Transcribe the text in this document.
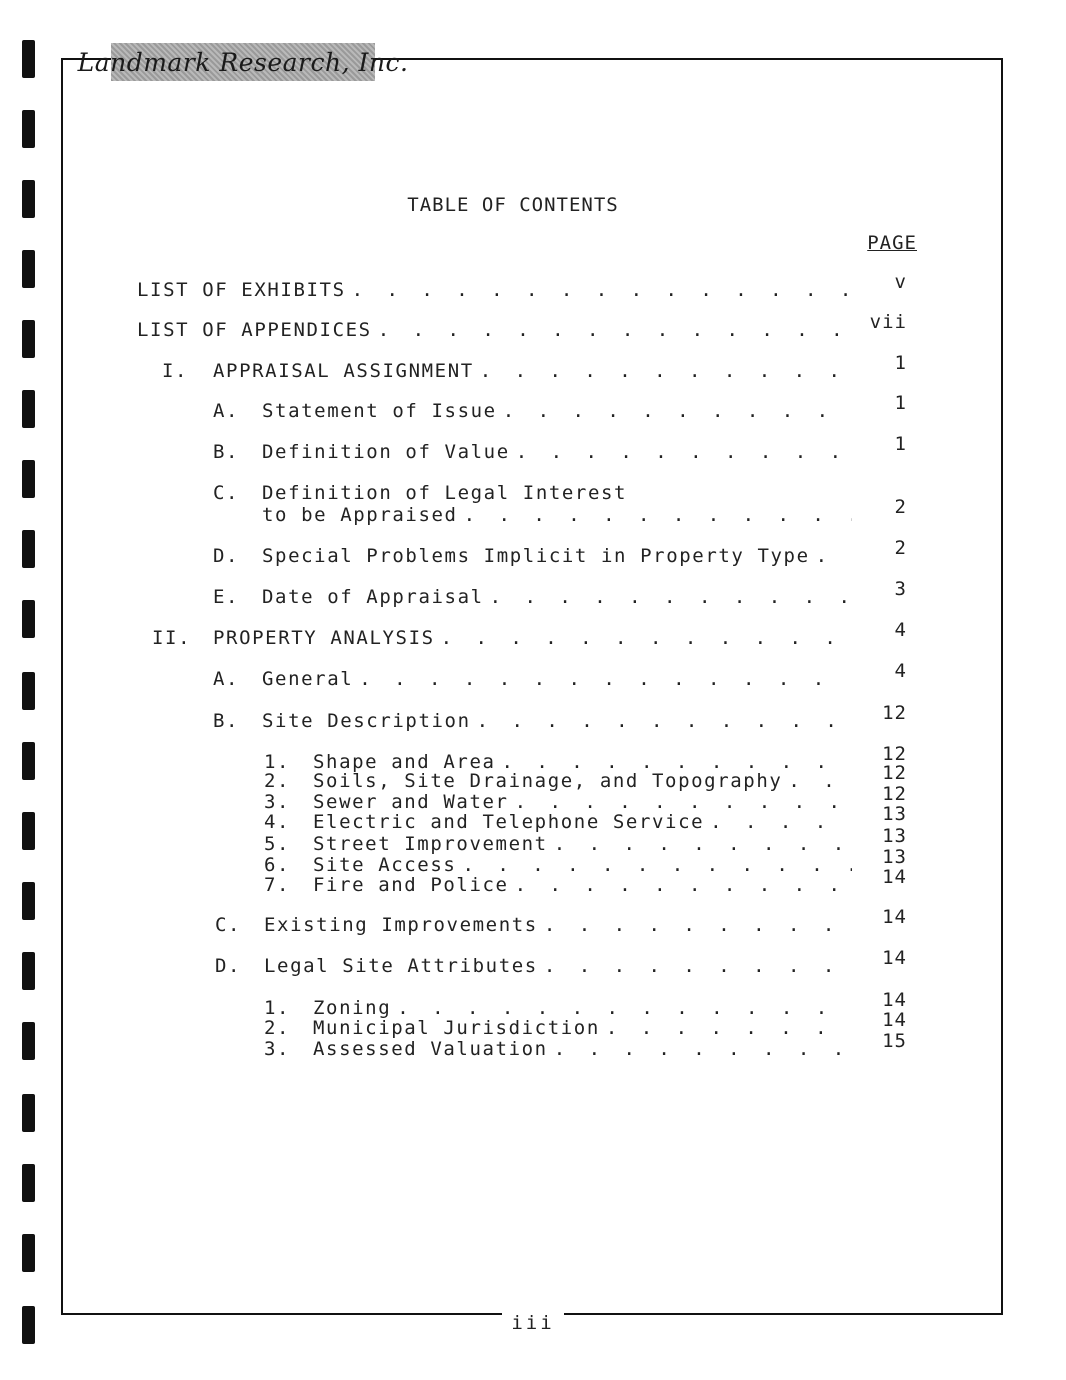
Landmark Research, Inc.
TABLE OF CONTENTS
PAGE
LIST OF EXHIBITS . . .	v
LIST OF APPENDICES . . .	vii
I.	APPRAISAL ASSIGNMENT . . .	1
A.	Statement of Issue . . .	1
B.	Definition of Value . . .	1
C.	Definition of Legal Interest
to be Appraised . . .	2
D.	Special Problems Implicit in Property Type . . .	2
E.	Date of Appraisal . . .	3
II.	PROPERTY ANALYSIS . . .	4
A.	General . . .	4
B.	Site Description . . .	12
1.	Shape and Area . . .	12
2.	Soils, Site Drainage, and Topography . . .	12
3.	Sewer and Water . . .	12
4.	Electric and Telephone Service . . .	13
5.	Street Improvement . . .	13
6.	Site Access . . .	13
7.	Fire and Police . . .	14
C.	Existing Improvements . . .	14
D.	Legal Site Attributes . . .	14
1.	Zoning . . .	14
2.	Municipal Jurisdiction . . .	14
3.	Assessed Valuation . . .	15
iii
